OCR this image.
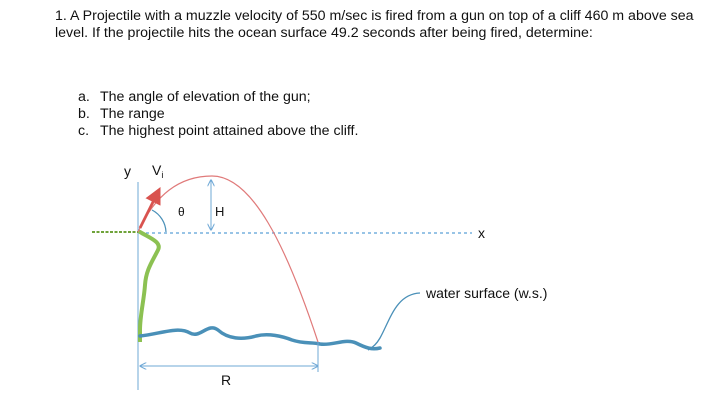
1. A Projectile with a muzzle velocity of 550 m/sec is fired from a gun on top of a cliff 460 m above sea level. If the projectile hits the ocean surface 49.2 seconds after being fired, determine:

a. The angle of elevation of the gun;
b. The range
c. The highest point attained above the cliff.
y $V_i$
θ H
x
water surface (w.s.)
R
